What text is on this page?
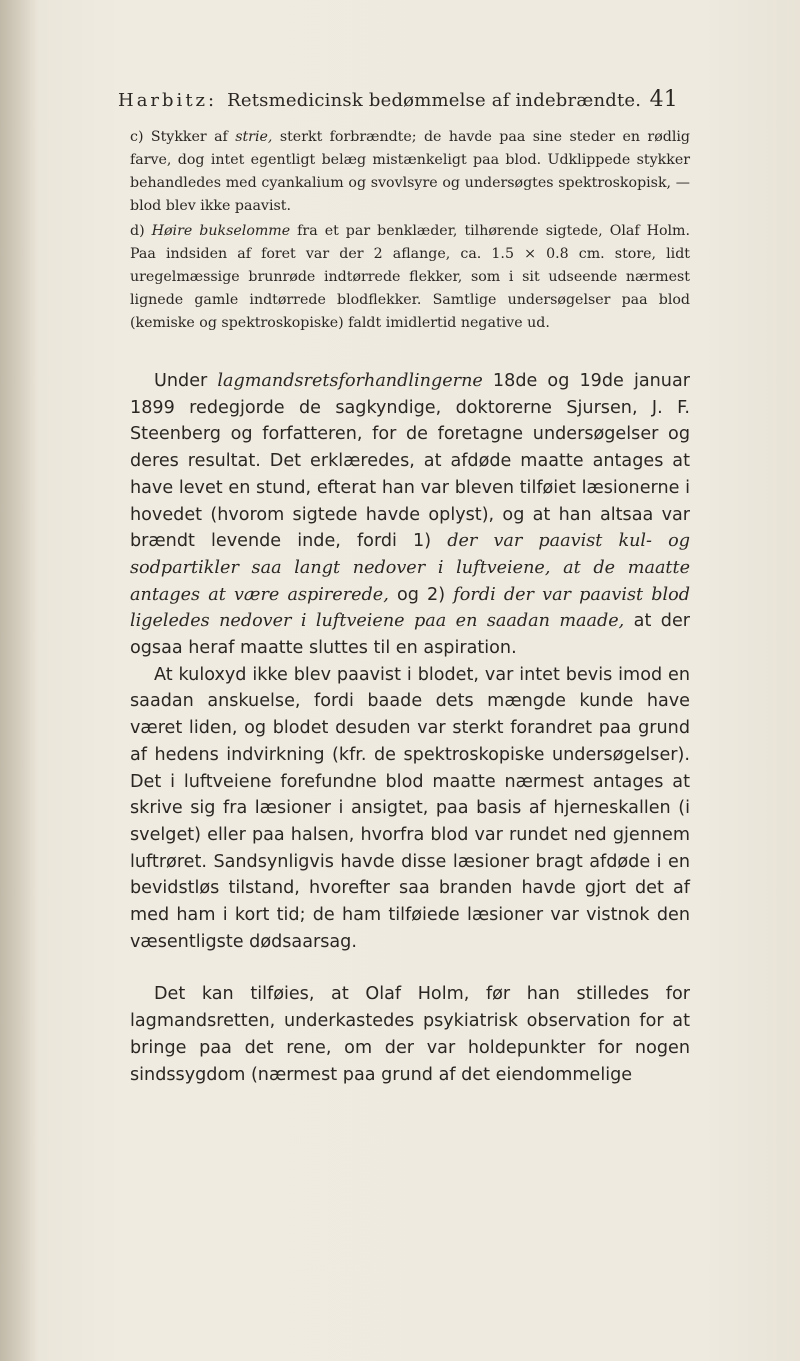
Harbitz: Retsmedicinsk bedømmelse af indebrændte. 41

c) Stykker af strie, sterkt forbrændte; de havde paa sine steder en rødlig farve, dog intet egentligt belæg mistænkeligt paa blod. Udklippede stykker behandledes med cyankalium og svovlsyre og undersøgtes spektroskopisk, — blod blev ikke paavist.

d) Høire bukselomme fra et par benklæder, tilhørende sigtede, Olaf Holm. Paa indsiden af foret var der 2 aflange, ca. 1.5 × 0.8 cm. store, lidt uregelmæssige brunrøde indtørrede flekker, som i sit udseende nærmest lignede gamle indtørrede blodflekker. Samtlige undersøgelser paa blod (kemiske og spektroskopiske) faldt imidlertid negative ud.

Under lagmandsretsforhandlingerne 18de og 19de januar 1899 redegjorde de sagkyndige, doktorerne Sjursen, J. F. Steenberg og forfatteren, for de foretagne undersøgelser og deres resultat. Det erklæredes, at afdøde maatte antages at have levet en stund, efterat han var bleven tilføiet læsionerne i hovedet (hvorom sigtede havde oplyst), og at han altsaa var brændt levende inde, fordi 1) der var paavist kul- og sodpartikler saa langt nedover i luftveiene, at de maatte antages at være aspirerede, og 2) fordi der var paavist blod ligeledes nedover i luftveiene paa en saadan maade, at der ogsaa heraf maatte sluttes til en aspiration.

At kuloxyd ikke blev paavist i blodet, var intet bevis imod en saadan anskuelse, fordi baade dets mængde kunde have været liden, og blodet desuden var sterkt forandret paa grund af hedens indvirkning (kfr. de spektroskopiske undersøgelser). Det i luftveiene forefundne blod maatte nærmest antages at skrive sig fra læsioner i ansigtet, paa basis af hjerneskallen (i svelget) eller paa halsen, hvorfra blod var rundet ned gjennem luftrøret. Sandsynligvis havde disse læsioner bragt afdøde i en bevidstløs tilstand, hvorefter saa branden havde gjort det af med ham i kort tid; de ham tilføiede læsioner var vistnok den væsentligste dødsaarsag.

Det kan tilføies, at Olaf Holm, før han stilledes for lagmandsretten, underkastedes psykiatrisk observation for at bringe paa det rene, om der var holdepunkter for nogen sindssygdom (nærmest paa grund af det eiendommelige
